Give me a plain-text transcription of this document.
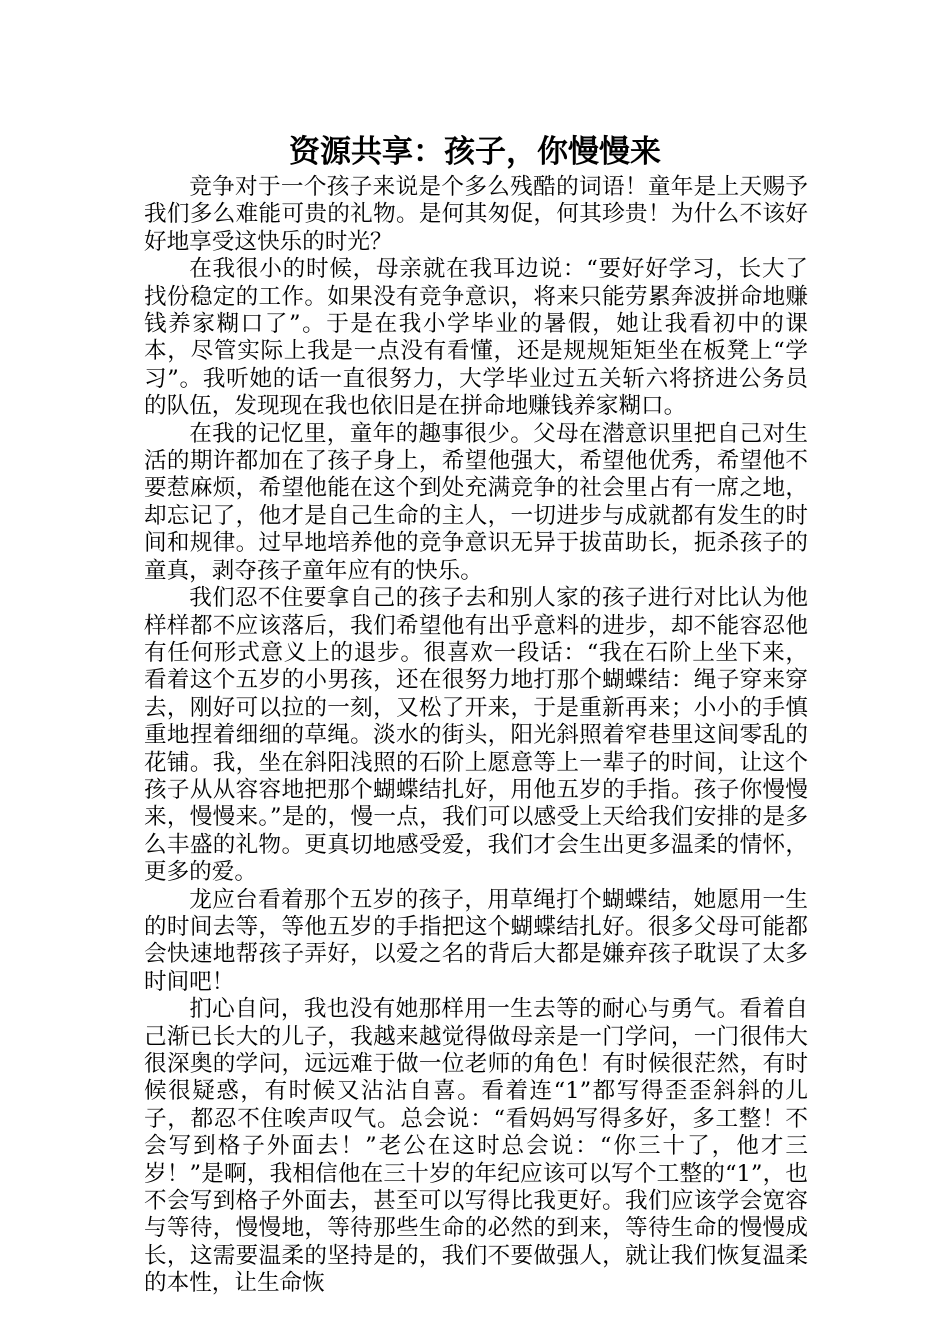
资源共享：孩子，你慢慢来

竞争对于一个孩子来说是个多么残酷的词语！童年是上天赐予我们多么难能可贵的礼物。是何其匆促，何其珍贵！为什么不该好好地享受这快乐的时光？

在我很小的时候，母亲就在我耳边说：“要好好学习，长大了找份稳定的工作。如果没有竞争意识，将来只能劳累奔波拼命地赚钱养家糊口了”。于是在我小学毕业的暑假，她让我看初中的课本，尽管实际上我是一点没有看懂，还是规规矩矩坐在板凳上“学习”。我听她的话一直很努力，大学毕业过五关斩六将挤进公务员的队伍，发现现在我也依旧是在拼命地赚钱养家糊口。

在我的记忆里，童年的趣事很少。父母在潜意识里把自己对生活的期许都加在了孩子身上，希望他强大，希望他优秀，希望他不要惹麻烦，希望他能在这个到处充满竞争的社会里占有一席之地，却忘记了，他才是自己生命的主人，一切进步与成就都有发生的时间和规律。过早地培养他的竞争意识无异于拔苗助长，扼杀孩子的童真，剥夺孩子童年应有的快乐。

我们忍不住要拿自己的孩子去和别人家的孩子进行对比认为他样样都不应该落后，我们希望他有出乎意料的进步，却不能容忍他有任何形式意义上的退步。很喜欢一段话：“我在石阶上坐下来，看着这个五岁的小男孩，还在很努力地打那个蝴蝶结：绳子穿来穿去，刚好可以拉的一刻，又松了开来，于是重新再来；小小的手慎重地捏着细细的草绳。淡水的街头，阳光斜照着窄巷里这间零乱的花铺。我，坐在斜阳浅照的石阶上愿意等上一辈子的时间，让这个孩子从从容容地把那个蝴蝶结扎好，用他五岁的手指。孩子你慢慢来，慢慢来。”是的，慢一点，我们可以感受上天给我们安排的是多么丰盛的礼物。更真切地感受爱，我们才会生出更多温柔的情怀，更多的爱。

龙应台看着那个五岁的孩子，用草绳打个蝴蝶结，她愿用一生的时间去等，等他五岁的手指把这个蝴蝶结扎好。很多父母可能都会快速地帮孩子弄好，以爱之名的背后大都是嫌弃孩子耽误了太多时间吧！

扪心自问，我也没有她那样用一生去等的耐心与勇气。看着自己渐已长大的儿子，我越来越觉得做母亲是一门学问，一门很伟大很深奥的学问，远远难于做一位老师的角色！有时候很茫然，有时候很疑惑，有时候又沾沾自喜。看着连“1”都写得歪歪斜斜的儿子，都忍不住唉声叹气。总会说：“看妈妈写得多好，多工整！不会写到格子外面去！”老公在这时总会说：“你三十了，他才三岁！”是啊，我相信他在三十岁的年纪应该可以写个工整的“1”，也不会写到格子外面去，甚至可以写得比我更好。我们应该学会宽容与等待，慢慢地，等待那些生命的必然的到来，等待生命的慢慢成长，这需要温柔的坚持是的，我们不要做强人，就让我们恢复温柔的本性，让生命恢
